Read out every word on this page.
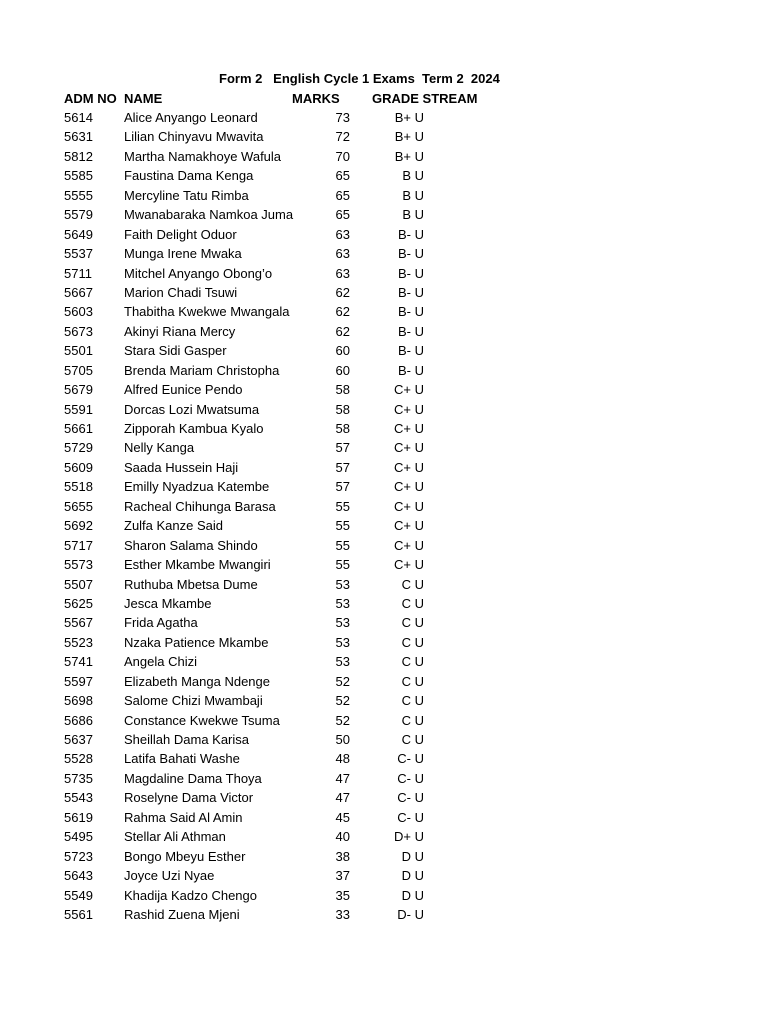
Form 2   English Cycle 1 Exams  Term 2  2024
ADM NO NAME	MARKS GRADE STREAM
5614 Alice Anyango Leonard	73	B+ U
5631 Lilian Chinyavu Mwavita	72	B+ U
5812 Martha Namakhoye Wafula	70	B+ U
5585 Faustina Dama Kenga	65	B U
5555 Mercyline Tatu Rimba	65	B U
5579 Mwanabaraka Namkoa Juma	65	B U
5649 Faith Delight Oduor	63	B- U
5537 Munga Irene Mwaka	63	B- U
5711 Mitchel Anyango Obong’o	63	B- U
5667 Marion Chadi Tsuwi	62	B- U
5603 Thabitha Kwekwe Mwangala	62	B- U
5673 Akinyi Riana Mercy	62	B- U
5501 Stara Sidi Gasper	60	B- U
5705 Brenda Mariam Christopha	60	B- U
5679 Alfred Eunice Pendo	58	C+ U
5591 Dorcas Lozi Mwatsuma	58	C+ U
5661 Zipporah Kambua Kyalo	58	C+ U
5729 Nelly Kanga	57	C+ U
5609 Saada Hussein Haji	57	C+ U
5518 Emilly Nyadzua Katembe	57	C+ U
5655 Racheal Chihunga Barasa	55	C+ U
5692 Zulfa Kanze Said	55	C+ U
5717 Sharon Salama Shindo	55	C+ U
5573 Esther Mkambe Mwangiri	55	C+ U
5507 Ruthuba Mbetsa Dume	53	C U
5625 Jesca Mkambe	53	C U
5567 Frida Agatha	53	C U
5523 Nzaka Patience Mkambe	53	C U
5741 Angela Chizi	53	C U
5597 Elizabeth Manga Ndenge	52	C U
5698 Salome Chizi Mwambaji	52	C U
5686 Constance Kwekwe Tsuma	52	C U
5637 Sheillah Dama Karisa	50	C U
5528 Latifa Bahati Washe	48	C- U
5735 Magdaline Dama Thoya	47	C- U
5543 Roselyne Dama Victor	47	C- U
5619 Rahma Said Al Amin	45	C- U
5495 Stellar Ali Athman	40	D+ U
5723 Bongo Mbeyu Esther	38	D U
5643 Joyce Uzi Nyae	37	D U
5549 Khadija Kadzo Chengo	35	D U
5561 Rashid Zuena Mjeni	33	D- U
